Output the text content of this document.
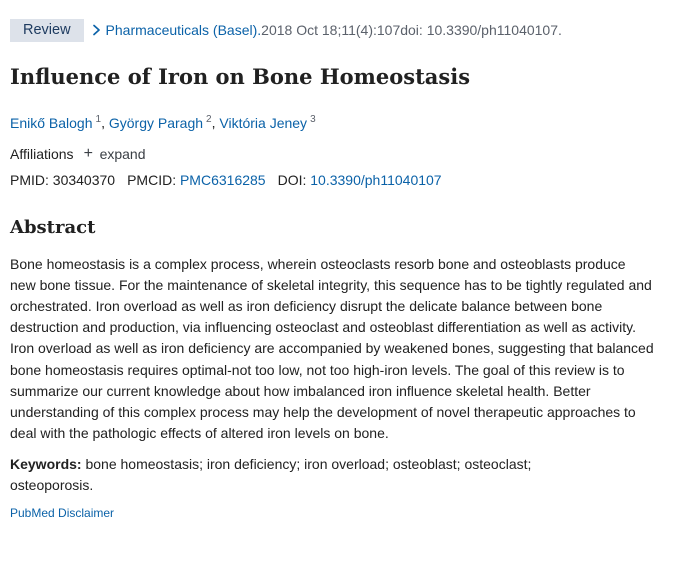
Review	Pharmaceuticals (Basel). 2018 Oct 18;11(4):107doi: 10.3390/ph11040107.
Influence of Iron on Bone Homeostasis
Enikő Balogh $^1$, György Paragh $^2$, Viktória Jeney $^3$
Affiliations + expand
PMID: 30340370 PMCID: PMC6316285 DOI: 10.3390/ph11040107
Abstract
Bone homeostasis is a complex process, wherein osteoclasts resorb bone and osteoblasts produce new bone tissue. For the maintenance of skeletal integrity, this sequence has to be tightly regulated and orchestrated. Iron overload as well as iron deficiency disrupt the delicate balance between bone destruction and production, via influencing osteoclast and osteoblast differentiation as well as activity. Iron overload as well as iron deficiency are accompanied by weakened bones, suggesting that balanced bone homeostasis requires optimal-not too low, not too high-iron levels. The goal of this review is to summarize our current knowledge about how imbalanced iron influence skeletal health. Better understanding of this complex process may help the development of novel therapeutic approaches to deal with the pathologic effects of altered iron levels on bone.
Keywords: bone homeostasis; iron deficiency; iron overload; osteoblast; osteoclast; osteoporosis.
PubMed Disclaimer
